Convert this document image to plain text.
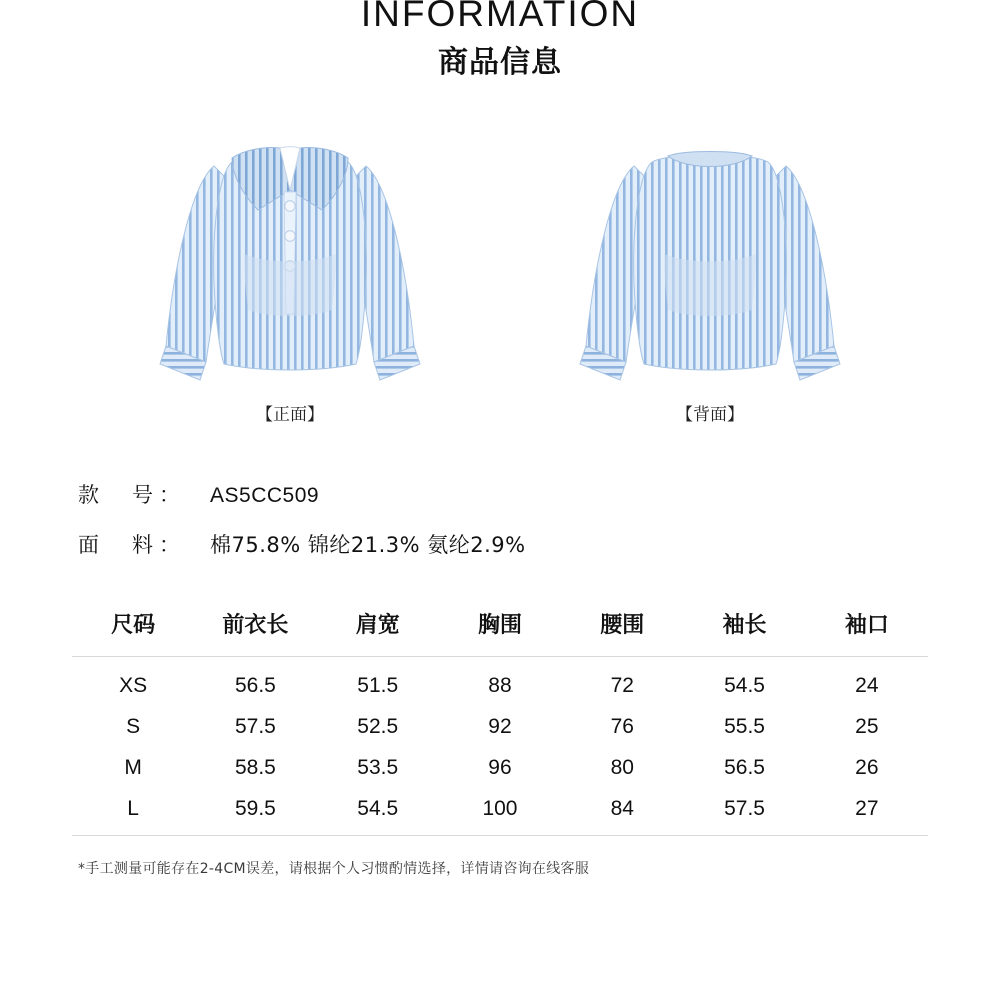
INFORMATION
商品信息
【正面】	【背面】
款　号：	AS5CC509
面　料：	棉75.8% 锦纶21.3% 氨纶2.9%
尺码	前衣长	肩宽	胸围	腰围	袖长	袖口
XS	56.5	51.5	88	72	54.5	24
S	57.5	52.5	92	76	55.5	25
M	58.5	53.5	96	80	56.5	26
L	59.5	54.5	100	84	57.5	27
*手工测量可能存在2-4CM误差，请根据个人习惯酌情选择，详情请咨询在线客服
